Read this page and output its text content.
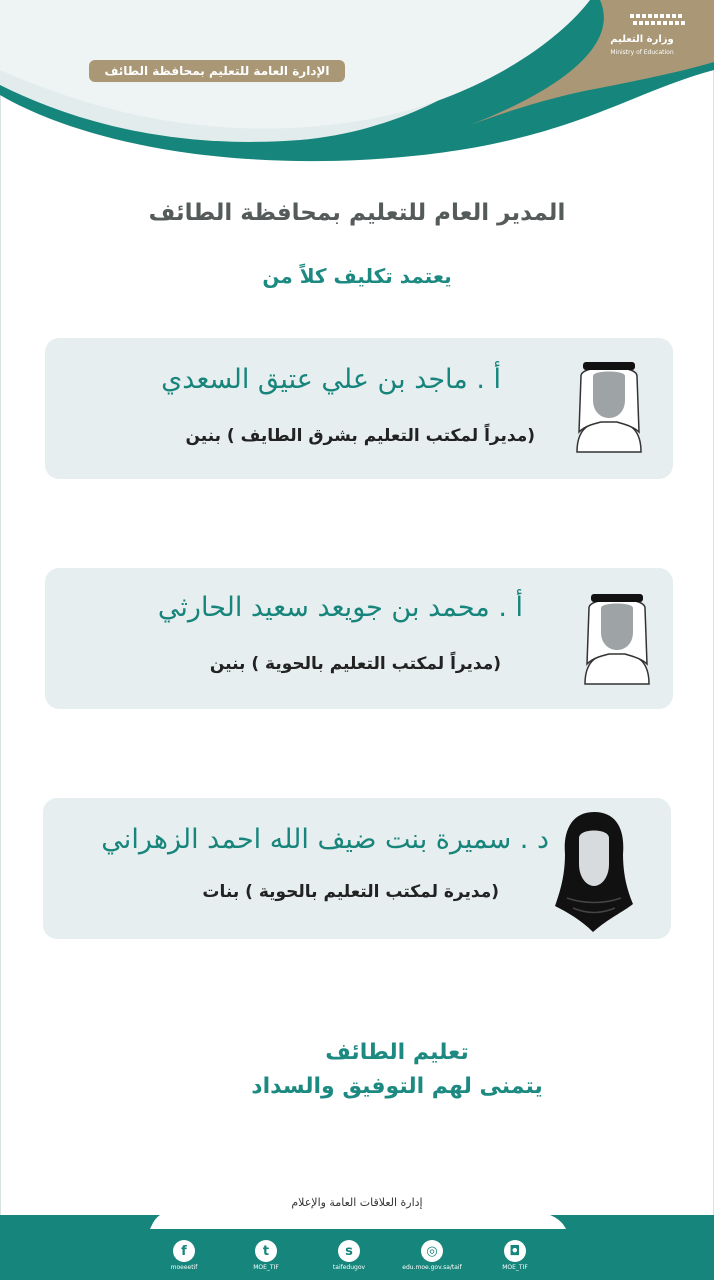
وزارة التعليم
Ministry of Education
الإدارة العامة للتعليم بمحافظة الطائف
المدير العام للتعليم بمحافظة الطائف
يعتمد تكليف كلاً من
أ . ماجد بن علي عتيق السعدي
(مديراً لمكتب التعليم بشرق الطايف ) بنين
أ . محمد بن جويعد سعيد الحارثي
(مديراً لمكتب التعليم بالحوية ) بنين
د . سميرة بنت ضيف الله احمد الزهراني
(مديرة لمكتب التعليم بالحوية ) بنات
تعليم الطائف
يتمنى لهم التوفيق والسداد
إدارة العلاقات العامة والإعلام
f
moeeetif
t
MOE_TIF
s
taifedugov
◎
edu.moe.gov.sa/taif
◘
MOE_TIF
